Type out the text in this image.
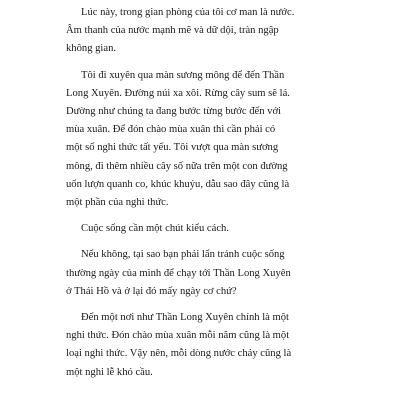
Lúc này, trong gian phòng của tôi cơ man là nước.
Âm thanh của nước mạnh mẽ và dữ dội, tràn ngập
không gian.

Tôi đi xuyên qua màn sương mông để đến Thần
Long Xuyên. Đường núi xa xôi. Rừng cây sum sê lá.
Dường như chúng ta đang bước từng bước đến với
mùa xuân. Để đón chào mùa xuân thì cần phải có
một số nghi thức tất yếu. Tôi vượt qua màn sương
mông, đi thêm nhiều cây số nữa trên một con đường
uốn lượn quanh co, khúc khuỷu, dẫu sao đây cũng là
một phần của nghi thức.

Cuộc sống cần một chút kiểu cách.

Nếu không, tại sao bạn phải lẩn tránh cuộc sống
thường ngày của mình để chạy tới Thần Long Xuyên
ở Thái Hồ và ở lại đó mấy ngày cơ chứ?

Đến một nơi như Thần Long Xuyên chính là một
nghi thức. Đón chào mùa xuân mỗi năm cũng là một
loại nghi thức. Vậy nên, mỗi dòng nước chảy cũng là
một nghi lễ khó cầu.
